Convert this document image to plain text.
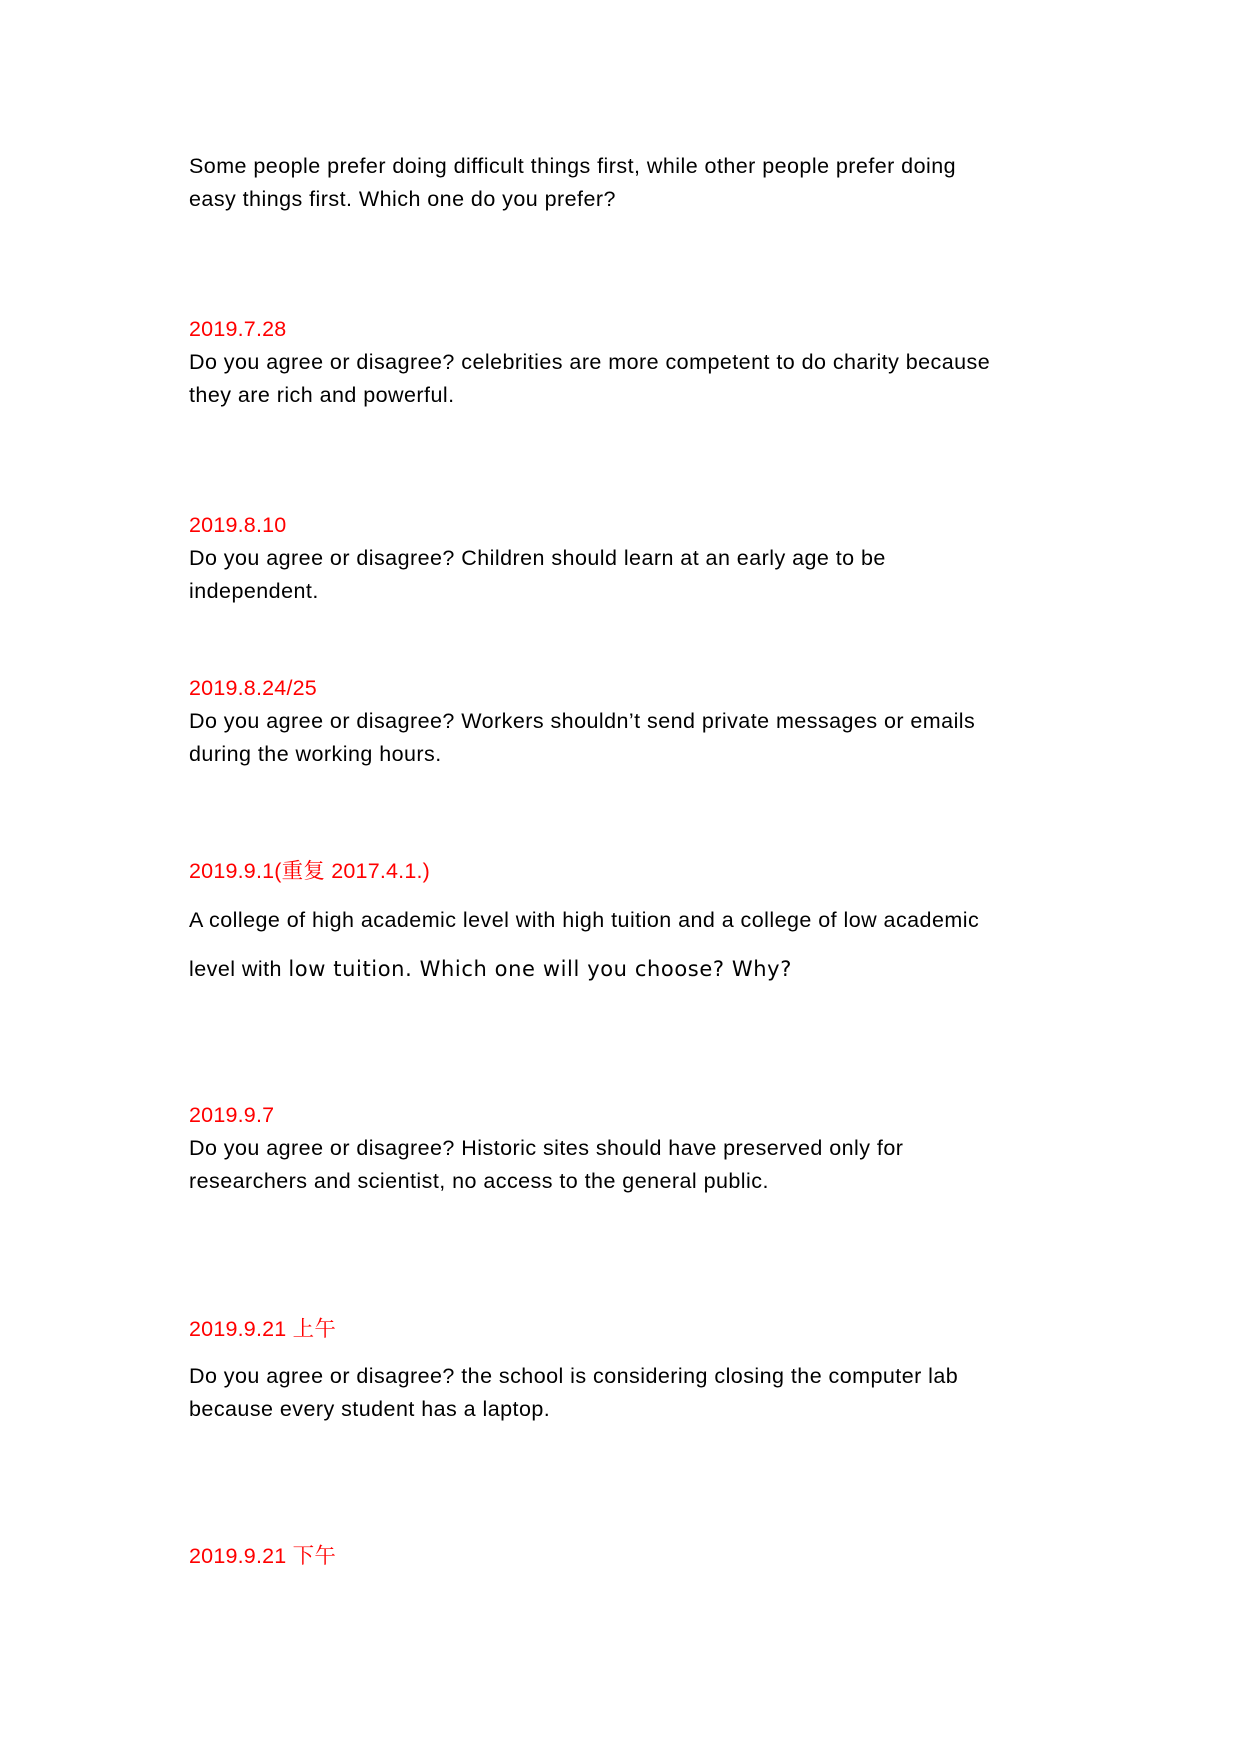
Some people prefer doing difficult things first, while other people prefer doing
easy things first. Which one do you prefer?
2019.7.28
Do you agree or disagree? celebrities are more competent to do charity because
they are rich and powerful.
2019.8.10
Do you agree or disagree? Children should learn at an early age to be
independent.
2019.8.24/25
Do you agree or disagree? Workers shouldn’t send private messages or emails
during the working hours.
2019.9.1(重复 2017.4.1.)
A college of high academic level with high tuition and a college of low academic
level with low tuition. Which one will you choose? Why?
2019.9.7
Do you agree or disagree? Historic sites should have preserved only for
researchers and scientist, no access to the general public.
2019.9.21 上午
Do you agree or disagree? the school is considering closing the computer lab
because every student has a laptop.
2019.9.21 下午
